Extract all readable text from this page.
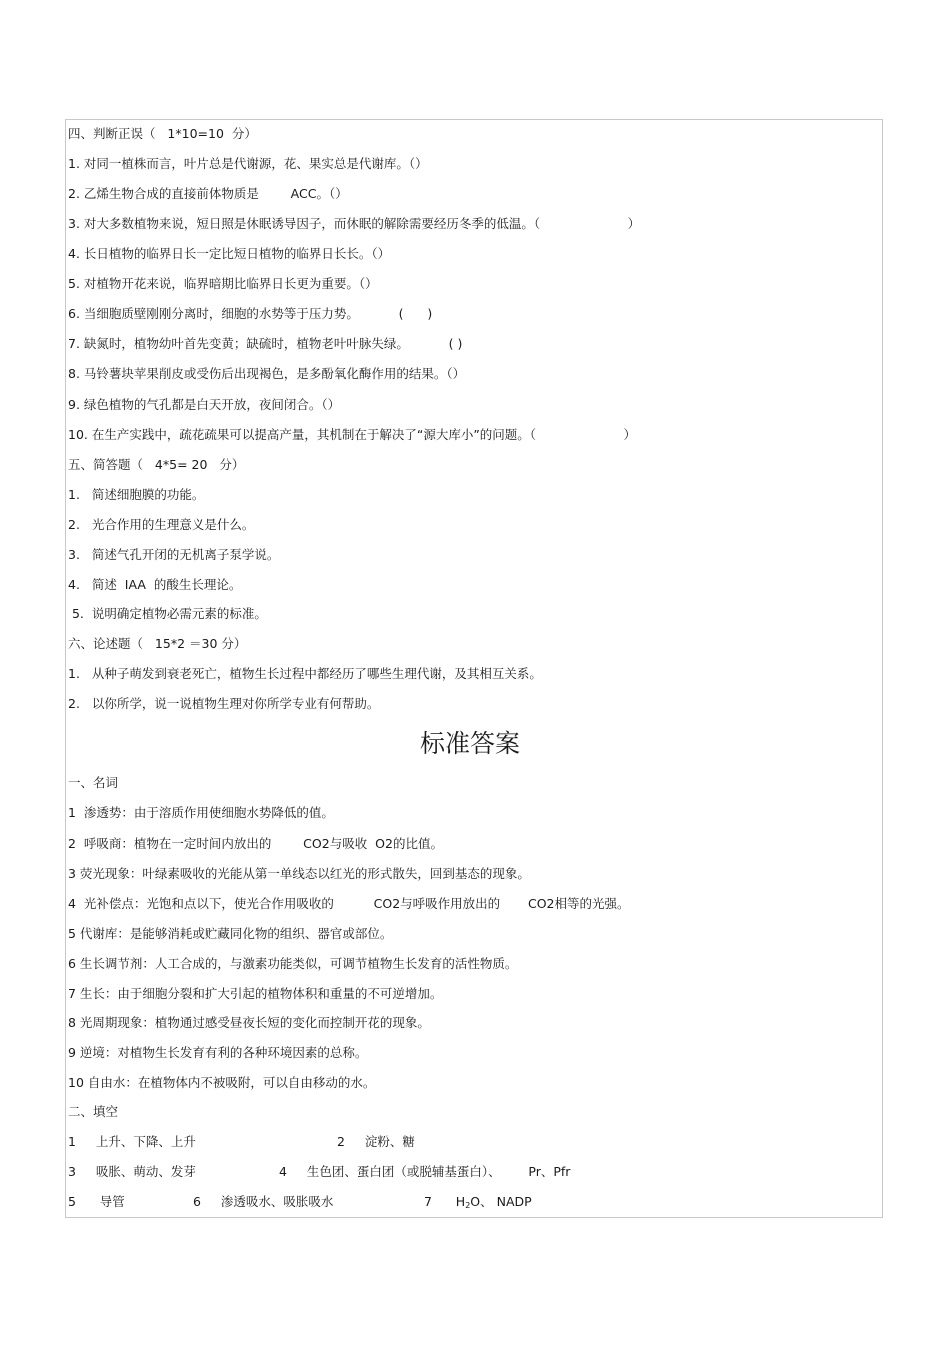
四、判断正误（   1*10=10  分）
1. 对同一植株而言，叶片总是代谢源，花、果实总是代谢库。（）
2. 乙烯生物合成的直接前体物质是        ACC。（）
3. 对大多数植物来说，短日照是休眠诱导因子，而休眠的解除需要经历冬季的低温。（                      ）
4. 长日植物的临界日长一定比短日植物的临界日长长。（）
5. 对植物开花来说，临界暗期比临界日长更为重要。（）
6. 当细胞质壁刚刚分离时，细胞的水势等于压力势。          (      )
7. 缺氮时，植物幼叶首先变黄；缺硫时，植物老叶叶脉失绿。          ( )
8. 马铃薯块苹果削皮或受伤后出现褐色，是多酚氧化酶作用的结果。（）
9. 绿色植物的气孔都是白天开放，夜间闭合。（）
10. 在生产实践中，疏花疏果可以提高产量，其机制在于解决了“源大库小”的问题。（                      ）
五、简答题（   4*5= 20   分）
1.   简述细胞膜的功能。
2.   光合作用的生理意义是什么。
3.   简述气孔开闭的无机离子泵学说。
4.   简述  IAA  的酸生长理论。
5.  说明确定植物必需元素的标准。
六、论述题（   15*2 ＝30 分）
1.   从种子萌发到衰老死亡，植物生长过程中都经历了哪些生理代谢，及其相互关系。
2.   以你所学，说一说植物生理对你所学专业有何帮助。
标准答案
一、名词
1  渗透势：由于溶质作用使细胞水势降低的值。
2  呼吸商：植物在一定时间内放出的        CO2与吸收  O2的比值。
3 荧光现象：叶绿素吸收的光能从第一单线态以红光的形式散失，回到基态的现象。
4  光补偿点：光饱和点以下，使光合作用吸收的          CO2与呼吸作用放出的       CO2相等的光强。
5 代谢库：是能够消耗或贮藏同化物的组织、器官或部位。
6 生长调节剂：人工合成的，与激素功能类似，可调节植物生长发育的活性物质。
7 生长：由于细胞分裂和扩大引起的植物体积和重量的不可逆增加。
8 光周期现象：植物通过感受昼夜长短的变化而控制开花的现象。
9 逆境：对植物生长发育有利的各种环境因素的总称。
10 自由水：在植物体内不被吸附，可以自由移动的水。
二、填空
1     上升、下降、上升	2     淀粉、糖
3     吸胀、萌动、发芽	4     生色团、蛋白团（或脱辅基蛋白）、       Pr、Pfr
5      导管	6     渗透吸水、吸胀吸水	7      $H_2O$、 NADP
